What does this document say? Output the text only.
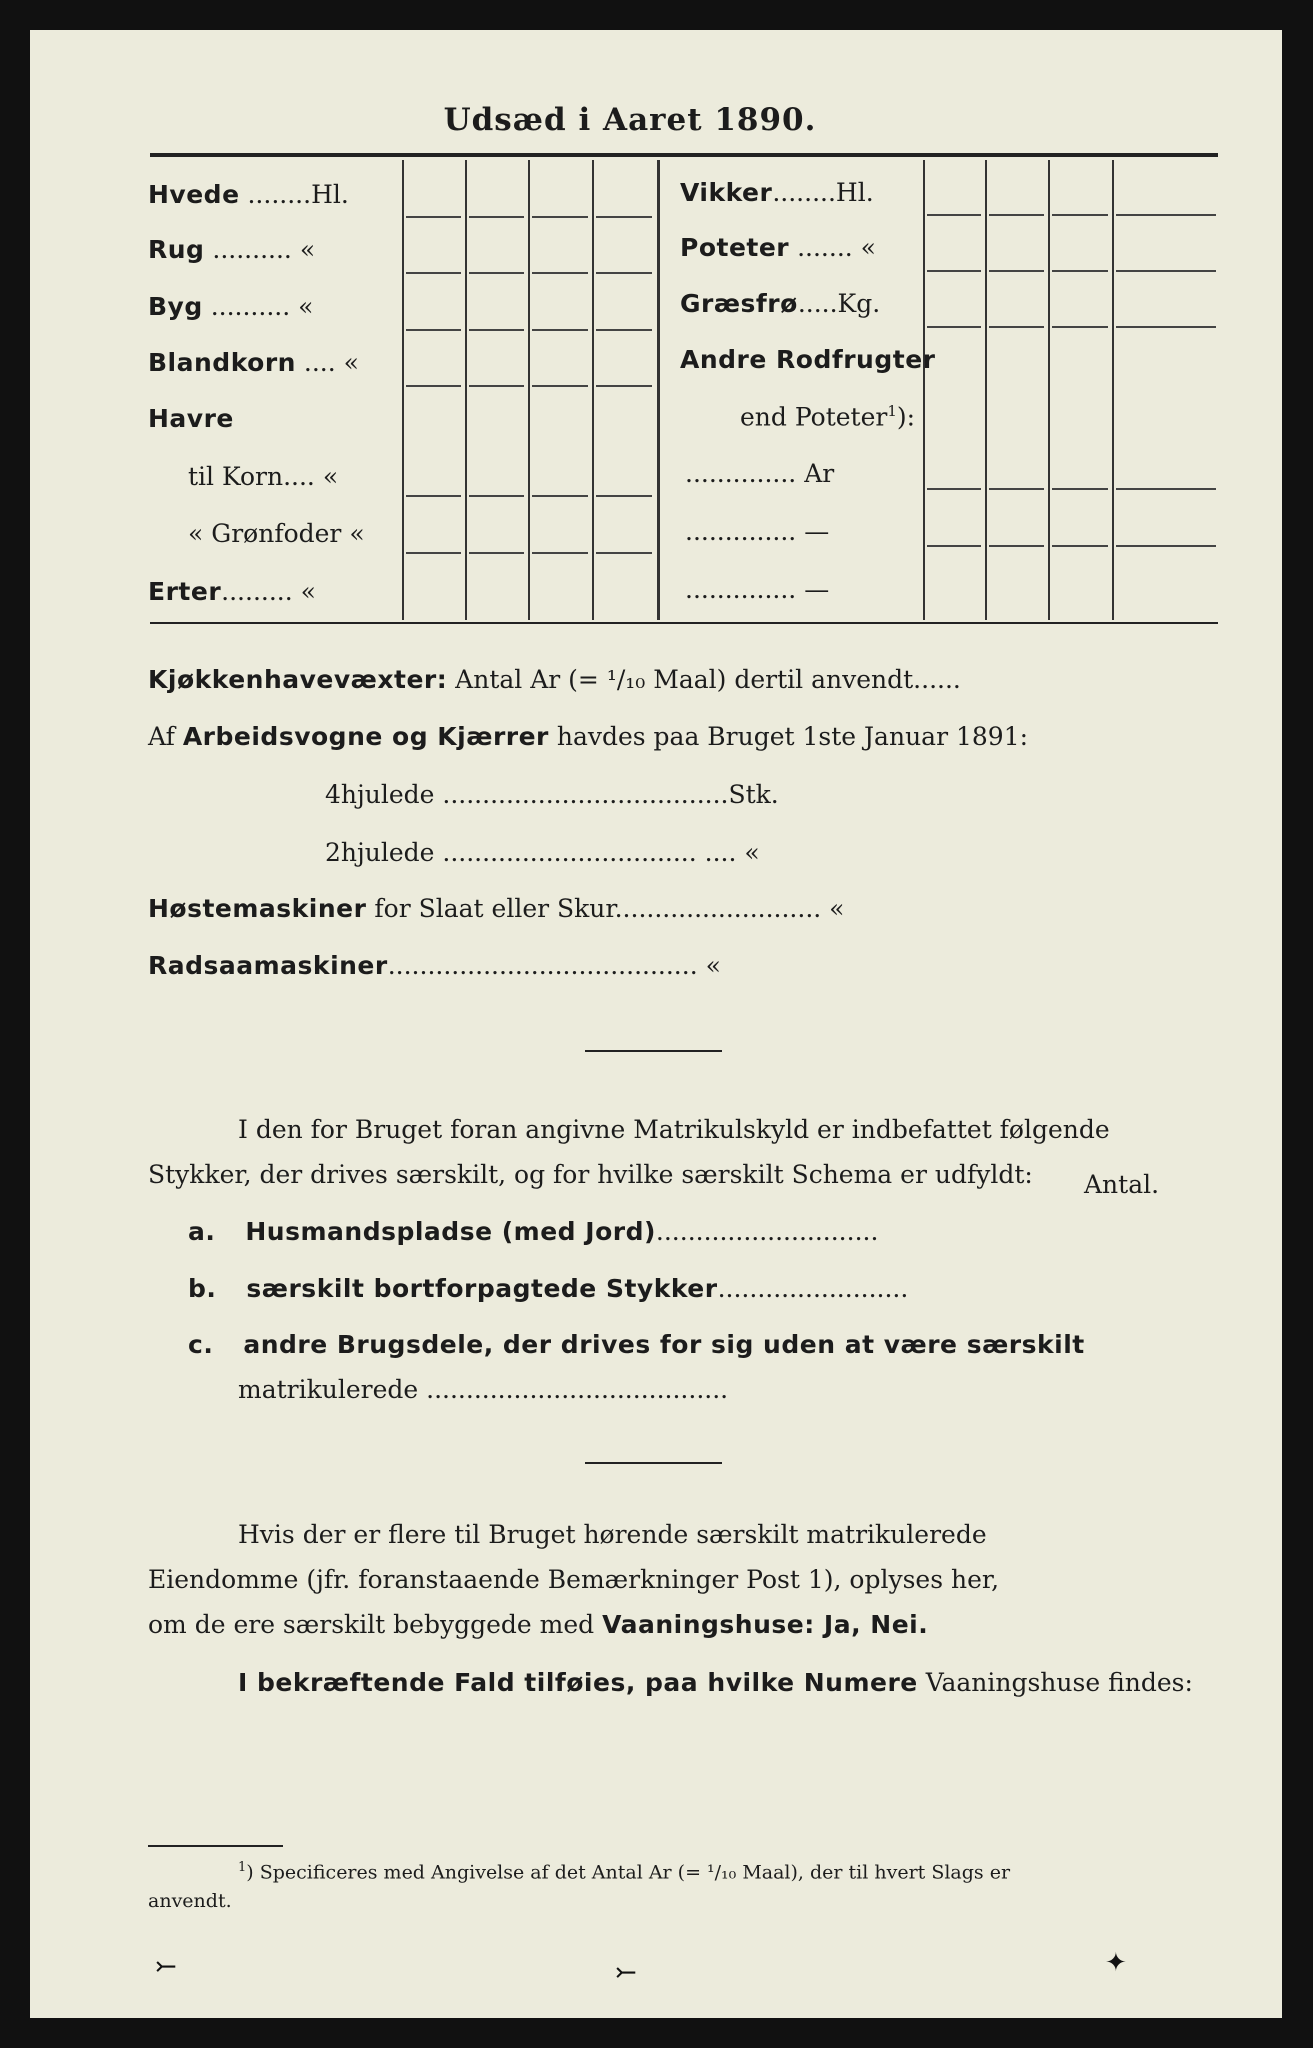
Udsæd i Aaret 1890.
Hvede ........Hl.
Rug .......... «
Byg .......... «
Blandkorn .... «
Havre
til Korn.... «
« Grønfoder «
Erter......... «
Vikker........Hl.
Poteter ....... «
Græsfrø.....Kg.
Andre Rodfrugter
end Poteter$^1$):
.............. Ar
.............. —
.............. —
Kjøkkenhavevæxter: Antal Ar (= ¹/₁₀ Maal) dertil anvendt......
Af Arbeidsvogne og Kjærrer havdes paa Bruget 1ste Januar 1891:
4hjulede ....................................Stk.
2hjulede ................................ .... «
Høstemaskiner for Slaat eller Skur.......................... «
Radsaamaskiner....................................... «
I den for Bruget foran angivne Matrikulskyld er indbefattet følgende
Stykker, der drives særskilt, og for hvilke særskilt Schema er udfyldt: Antal.
a. Husmandspladse (med Jord)............................
b. særskilt bortforpagtede Stykker........................
c. andre Brugsdele, der drives for sig uden at være særskilt
matrikulerede ......................................
Hvis der er flere til Bruget hørende særskilt matrikulerede
Eiendomme (jfr. foranstaaende Bemærkninger Post 1), oplyses her,
om de ere særskilt bebyggede med Vaaningshuse: Ja, Nei.
I bekræftende Fald tilføies, paa hvilke Numere Vaaningshuse findes:
$^1$) Specificeres med Angivelse af det Antal Ar (= ¹/₁₀ Maal), der til hvert Slags er
anvendt.
⤚	⤚	✦
